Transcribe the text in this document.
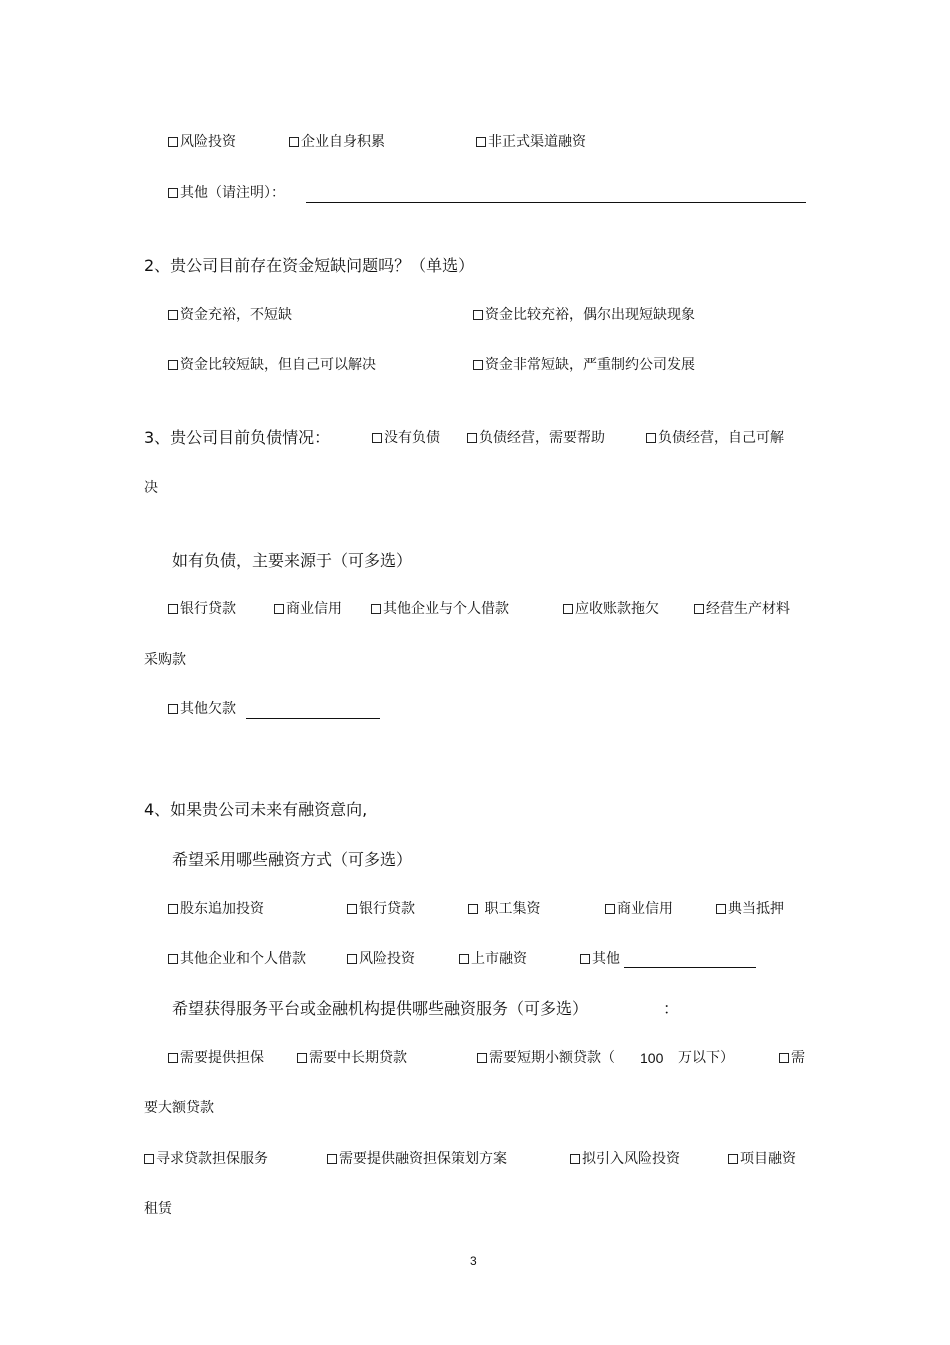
风险投资	企业自身积累	非正式渠道融资
其他（请注明）：
2、贵公司目前存在资金短缺问题吗？（单选）
资金充裕，不短缺	资金比较充裕，偶尔出现短缺现象
资金比较短缺，但自己可以解决	资金非常短缺，严重制约公司发展
3、贵公司目前负债情况：	没有负债	负债经营，需要帮助	负债经营，自己可解
决
如有负债，主要来源于（可多选）
银行贷款	商业信用	其他企业与个人借款	应收账款拖欠	经营生产材料
采购款
其他欠款
4、如果贵公司未来有融资意向,
希望采用哪些融资方式（可多选）
股东追加投资	银行贷款	职工集资	商业信用	典当抵押
其他企业和个人借款	风险投资	上市融资	其他
希望获得服务平台或金融机构提供哪些融资服务（可多选）	：
需要提供担保	需要中长期贷款	需要短期小额贷款（ 100 万以下）	需
要大额贷款
寻求贷款担保服务	需要提供融资担保策划方案	拟引入风险投资	项目融资
租赁
3
